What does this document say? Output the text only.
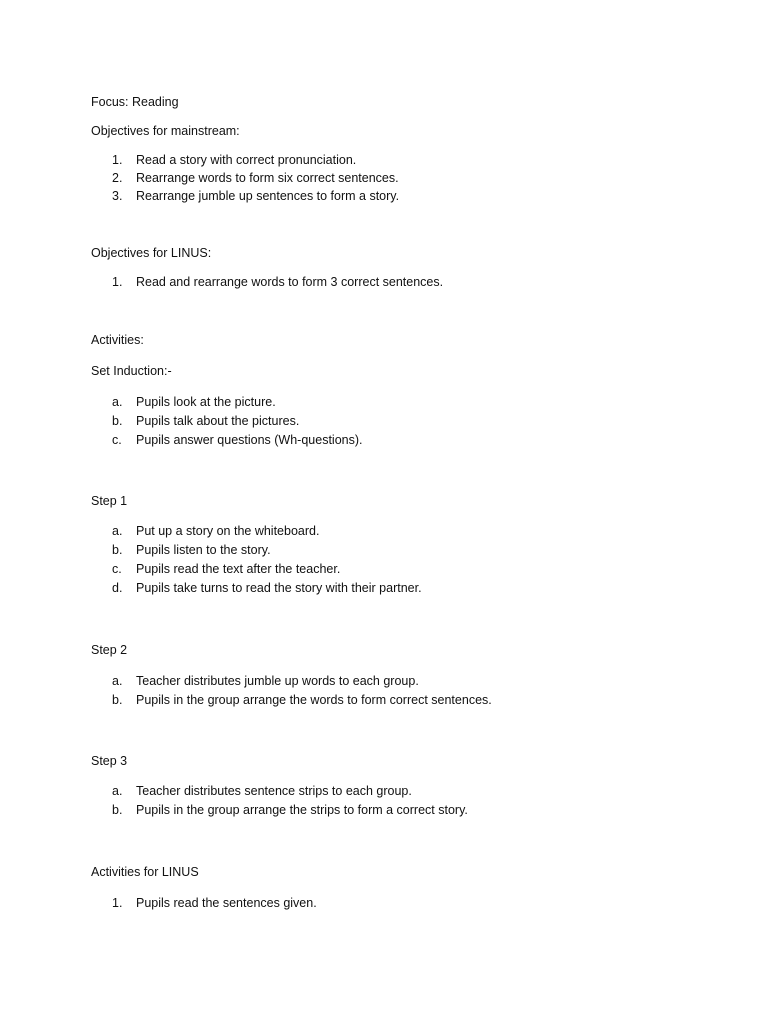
Focus: Reading
Objectives for mainstream:
1. Read a story with correct pronunciation.
2. Rearrange words to form six correct sentences.
3. Rearrange jumble up sentences to form a story.
Objectives for LINUS:
1. Read and rearrange words to form 3 correct sentences.
Activities:
Set Induction:-
a. Pupils look at the picture.
b. Pupils talk about the pictures.
c. Pupils answer questions (Wh-questions).
Step 1
a. Put up a story on the whiteboard.
b. Pupils listen to the story.
c. Pupils read the text after the teacher.
d. Pupils take turns to read the story with their partner.
Step 2
a. Teacher distributes jumble up words to each group.
b. Pupils in the group arrange the words to form correct sentences.
Step 3
a. Teacher distributes sentence strips to each group.
b. Pupils in the group arrange the strips to form a correct story.
Activities for LINUS
1. Pupils read the sentences given.
